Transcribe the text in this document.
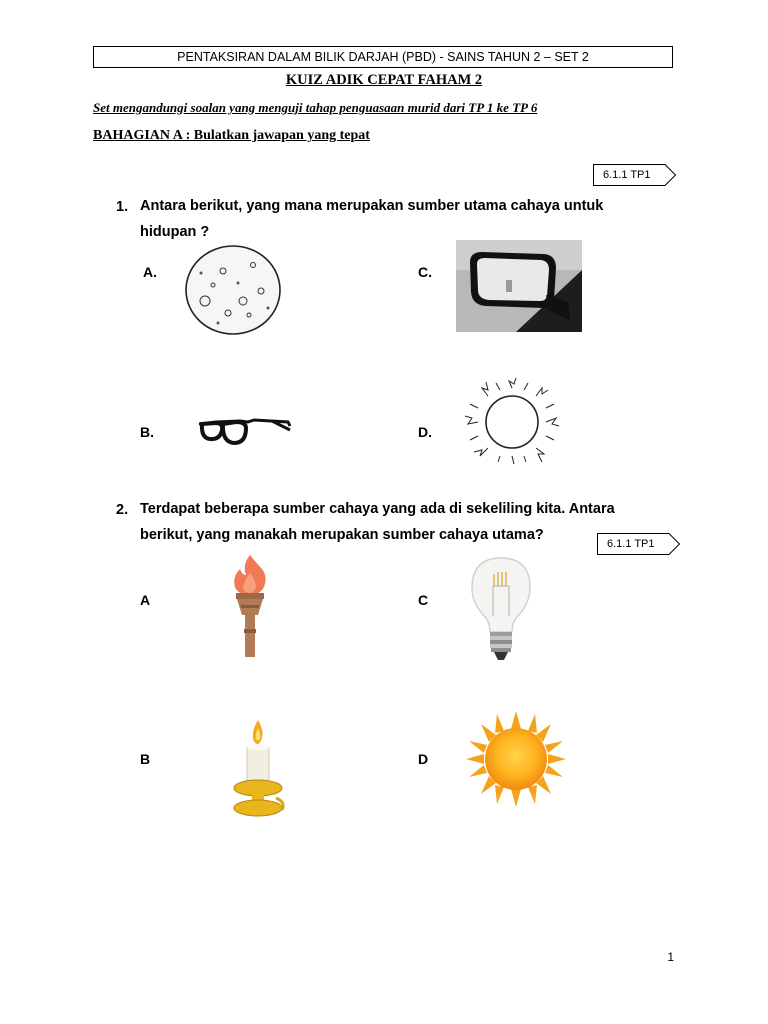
PENTAKSIRAN DALAM BILIK DARJAH (PBD) - SAINS TAHUN 2 – SET 2
KUIZ ADIK CEPAT FAHAM 2
Set mengandungi soalan yang menguji tahap penguasaan murid dari TP 1 ke TP 6
BAHAGIAN A : Bulatkan jawapan yang tepat
6.1.1 TP1
1. Antara berikut, yang mana merupakan sumber utama cahaya untuk
hidupan ?
A.
B.
C.
D.
6.1.1 TP1
2. Terdapat beberapa sumber cahaya yang ada di sekeliling kita. Antara
berikut, yang manakah merupakan sumber cahaya utama?
A
B
C
D
1
